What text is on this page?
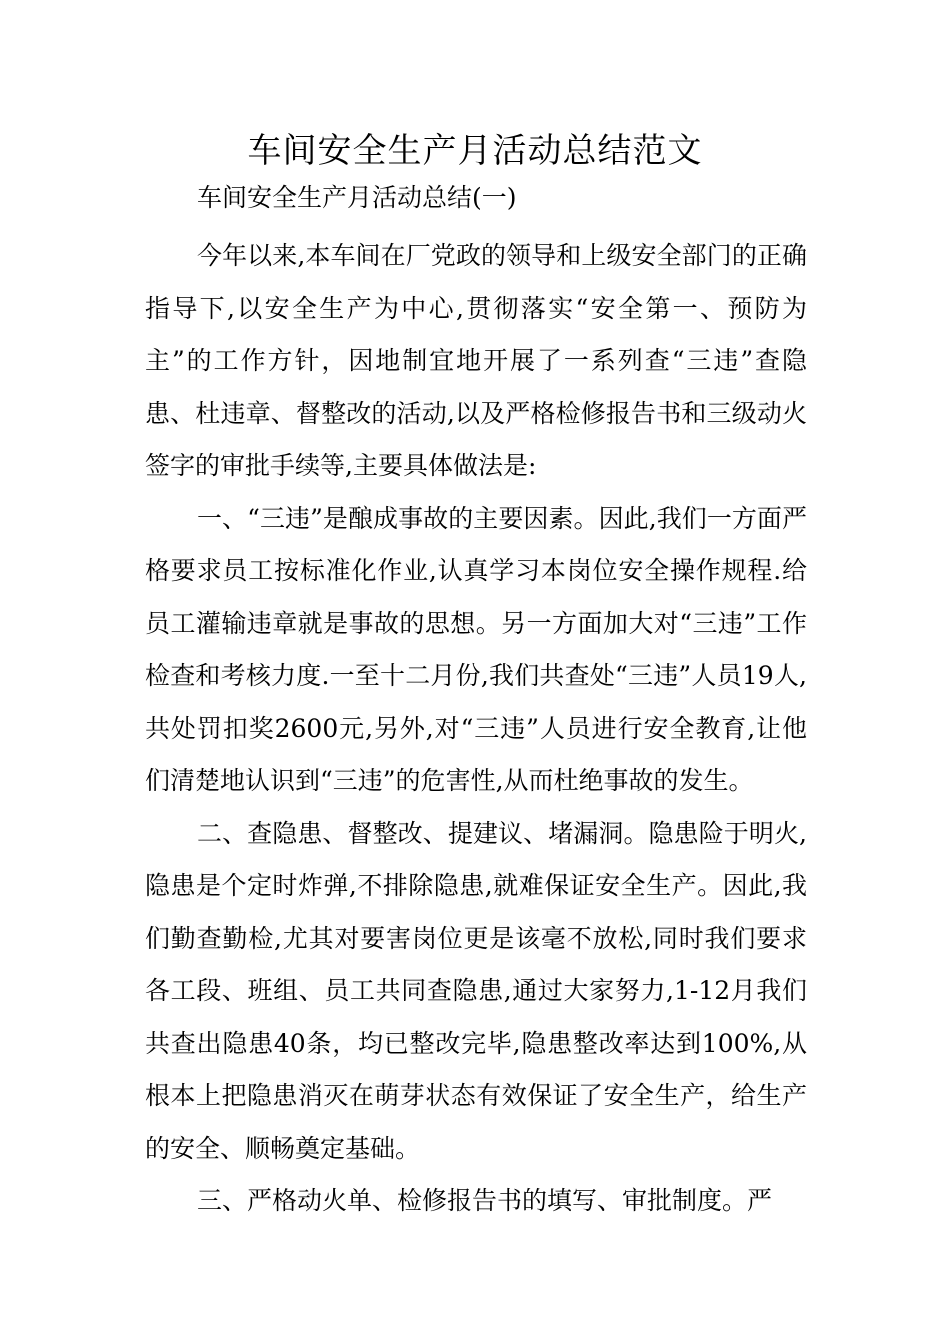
车间安全生产月活动总结范文

车间安全生产月活动总结(一)

今年以来,本车间在厂党政的领导和上级安全部门的正确指导下,以安全生产为中心,贯彻落实“安全第一、预防为主”的工作方针，因地制宜地开展了一系列查“三违”查隐患、杜违章、督整改的活动,以及严格检修报告书和三级动火签字的审批手续等,主要具体做法是:

一、“三违”是酿成事故的主要因素。因此,我们一方面严格要求员工按标准化作业,认真学习本岗位安全操作规程.给员工灌输违章就是事故的思想。另一方面加大对“三违”工作检查和考核力度.一至十二月份,我们共查处“三违”人员19人,共处罚扣奖2600元,另外,对“三违”人员进行安全教育,让他们清楚地认识到“三违”的危害性,从而杜绝事故的发生。

二、查隐患、督整改、提建议、堵漏洞。隐患险于明火,隐患是个定时炸弹,不排除隐患,就难保证安全生产。因此,我们勤查勤检,尤其对要害岗位更是该毫不放松,同时我们要求各工段、班组、员工共同查隐患,通过大家努力,1-12月我们共查出隐患40条，均已整改完毕,隐患整改率达到100%,从根本上把隐患消灭在萌芽状态有效保证了安全生产，给生产的安全、顺畅奠定基础。

三、严格动火单、检修报告书的填写、审批制度。严
